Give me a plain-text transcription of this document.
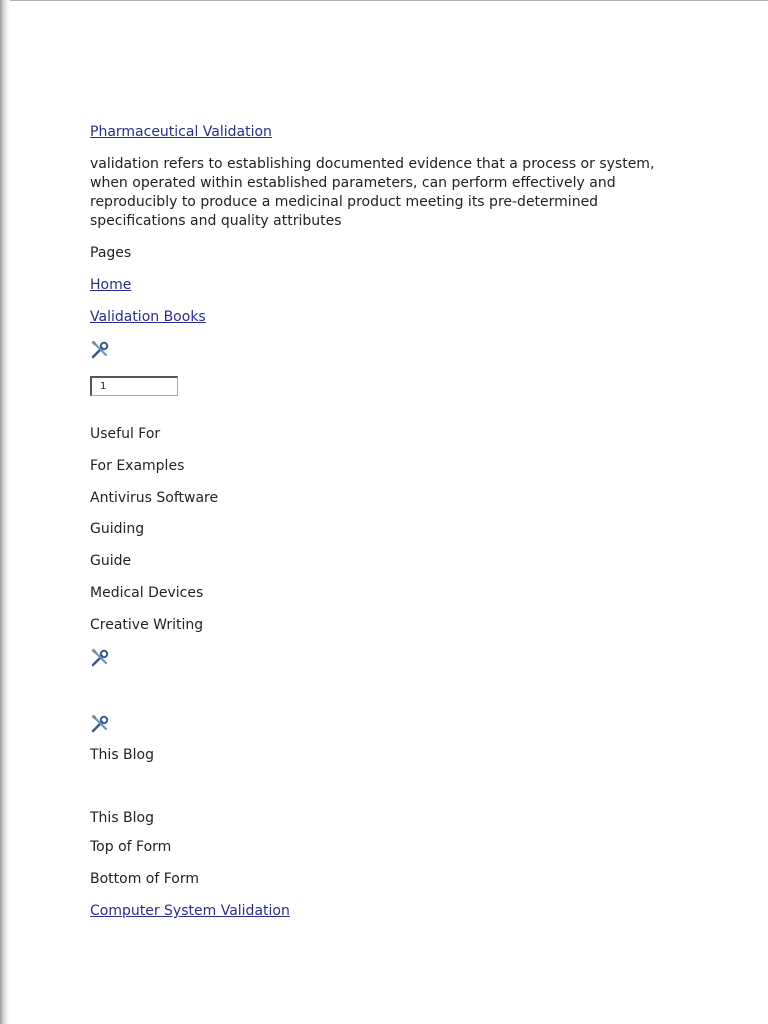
Pharmaceutical Validation
validation refers to establishing documented evidence that a process or system, when operated within established parameters, can perform effectively and reproducibly to produce a medicinal product meeting its pre-determined specifications and quality attributes
Pages
Home
Validation Books
1
Useful For
For Examples
Antivirus Software
Guiding
Guide
Medical Devices
Creative Writing
This Blog
This Blog
Top of Form
Bottom of Form
Computer System Validation
